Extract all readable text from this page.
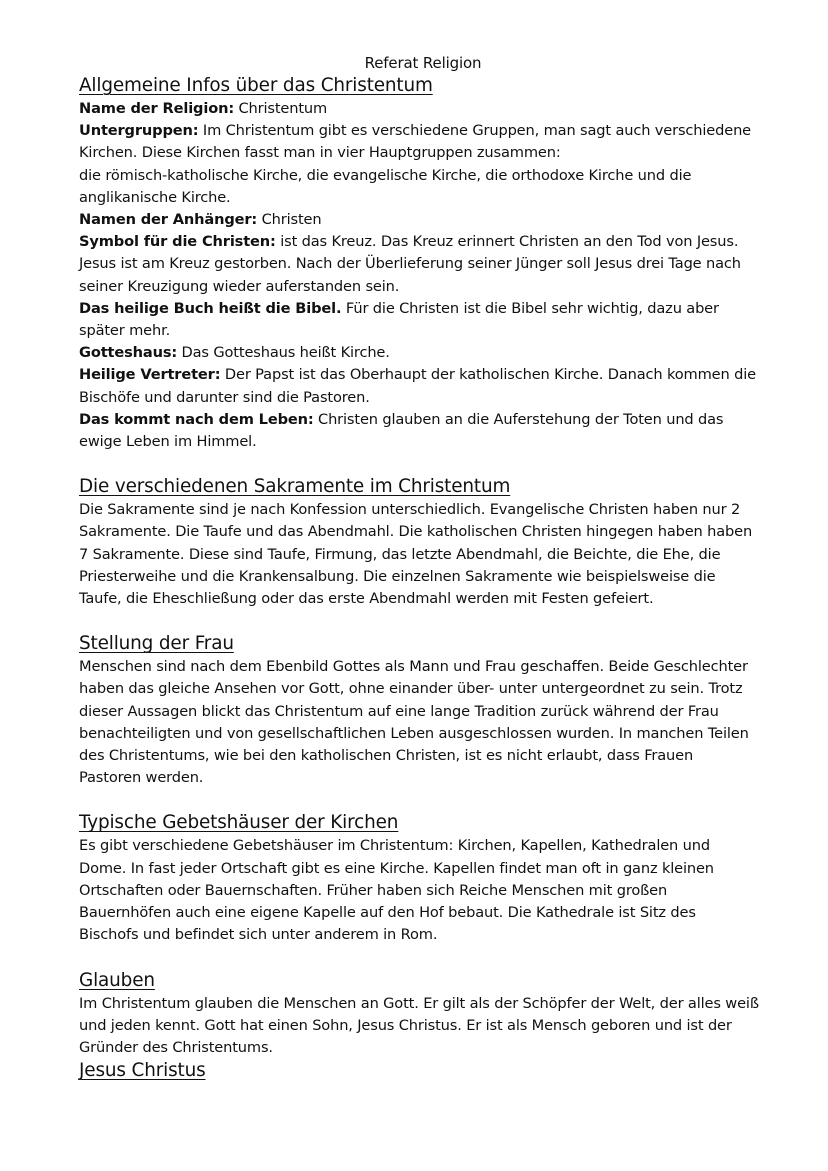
Referat Religion
Allgemeine Infos über das Christentum

Name der Religion: Christentum

Untergruppen: Im Christentum gibt es verschiedene Gruppen, man sagt auch verschiedene Kirchen. Diese Kirchen fasst man in vier Hauptgruppen zusammen:

die römisch-katholische Kirche, die evangelische Kirche, die orthodoxe Kirche und die anglikanische Kirche.

Namen der Anhänger: Christen

Symbol für die Christen: ist das Kreuz. Das Kreuz erinnert Christen an den Tod von Jesus. Jesus ist am Kreuz gestorben. Nach der Überlieferung seiner Jünger soll Jesus drei Tage nach seiner Kreuzigung wieder auferstanden sein.

Das heilige Buch heißt die Bibel. Für die Christen ist die Bibel sehr wichtig, dazu aber später mehr.

Gotteshaus: Das Gotteshaus heißt Kirche.

Heilige Vertreter: Der Papst ist das Oberhaupt der katholischen Kirche. Danach kommen die Bischöfe und darunter sind die Pastoren.

Das kommt nach dem Leben: Christen glauben an die Auferstehung der Toten und das ewige Leben im Himmel.

Die verschiedenen Sakramente im Christentum

Die Sakramente sind je nach Konfession unterschiedlich. Evangelische Christen haben nur 2 Sakramente. Die Taufe und das Abendmahl. Die katholischen Christen hingegen haben haben 7 Sakramente. Diese sind Taufe, Firmung, das letzte Abendmahl, die Beichte, die Ehe, die Priesterweihe und die Krankensalbung. Die einzelnen Sakramente wie beispielsweise die Taufe, die Eheschließung oder das erste Abendmahl werden mit Festen gefeiert.

Stellung der Frau

Menschen sind nach dem Ebenbild Gottes als Mann und Frau geschaffen. Beide Geschlechter haben das gleiche Ansehen vor Gott, ohne einander über- unter untergeordnet zu sein. Trotz dieser Aussagen blickt das Christentum auf eine lange Tradition zurück während der Frau benachteiligten und von gesellschaftlichen Leben ausgeschlossen wurden. In manchen Teilen des Christentums, wie bei den katholischen Christen, ist es nicht erlaubt, dass Frauen Pastoren werden.

Typische Gebetshäuser der Kirchen

Es gibt verschiedene Gebetshäuser im Christentum: Kirchen, Kapellen, Kathedralen und Dome. In fast jeder Ortschaft gibt es eine Kirche. Kapellen findet man oft in ganz kleinen Ortschaften oder Bauernschaften. Früher haben sich Reiche Menschen mit großen Bauernhöfen auch eine eigene Kapelle auf den Hof bebaut. Die Kathedrale ist Sitz des Bischofs und befindet sich unter anderem in Rom.

Glauben

Im Christentum glauben die Menschen an Gott. Er gilt als der Schöpfer der Welt, der alles weiß und jeden kennt. Gott hat einen Sohn, Jesus Christus. Er ist als Mensch geboren und ist der Gründer des Christentums.

Jesus Christus
